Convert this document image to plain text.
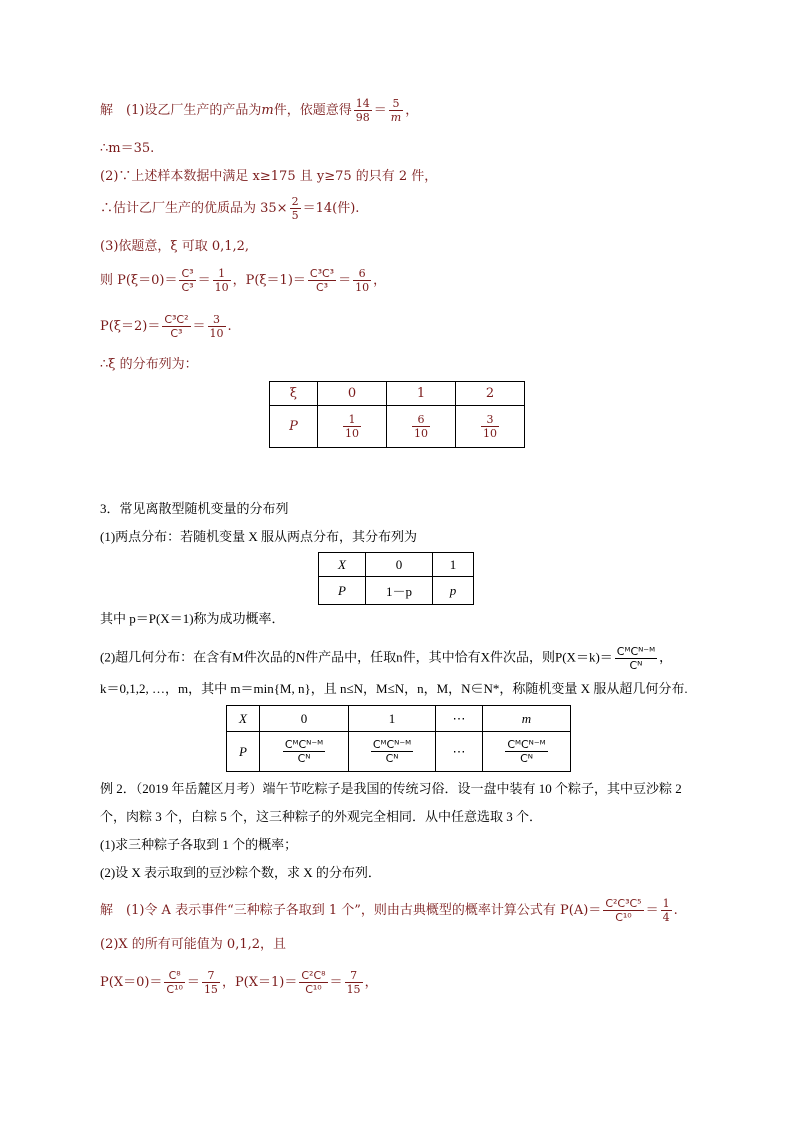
解　(1)设乙厂生产的产品为m件，依题意得 $\frac{14}{98} = \frac{5}{m}$ ，
∴m＝35.
(2)∵上述样本数据中满足 x≥175 且 y≥75 的只有 2 件，
∴估计乙厂生产的优质品为 $35\times \frac{2}{5} =14$(件).
(3)依题意，ξ 可取 0,1,2,
则 $P(\xi=0)= \frac{\text{C³}}{\text{C³}} = \frac{1}{10}$ ，$P(\xi=1)= \frac{\text{C³C³}}{\text{C³}} = \frac{6}{10}$ ，
$P(\xi=2)= \frac{\text{C³C²}}{\text{C³}} = \frac{3}{10}$ .
∴ξ 的分布列为：
ξ	0	1	2
P	$\frac{1}{10}$	$\frac{6}{10}$	$\frac{3}{10}$
3．常见离散型随机变量的分布列
(1)两点分布：若随机变量 X 服从两点分布，其分布列为
X	0	1
P	1－p	p
其中 p＝P(X＝1)称为成功概率．
(2)超几何分布：在含有M件次品的N件产品中，任取n件，其中恰有X件次品，则$P(X=k)= \frac{\text{CᴹCᴺ⁻ᴹ}}{\text{Cᴺ}}$ ，
k＝0,1,2, …，m，其中 m＝min{M, n}，且 n≤N，M≤N，n，M，N∈N*，称随机变量 X 服从超几何分布.
X	0	1	⋯	m
P	$\frac{\text{CᴹCᴺ⁻ᴹ}}{\text{Cᴺ}}$	$\frac{\text{CᴹCᴺ⁻ᴹ}}{\text{Cᴺ}}$	⋯	$\frac{\text{CᴹCᴺ⁻ᴹ}}{\text{Cᴺ}}$
例 2．（2019 年岳麓区月考）端午节吃粽子是我国的传统习俗．设一盘中装有 10 个粽子，其中豆沙粽 2
个，肉粽 3 个，白粽 5 个，这三种粽子的外观完全相同．从中任意选取 3 个．
(1)求三种粽子各取到 1 个的概率；
(2)设 X 表示取到的豆沙粽个数，求 X 的分布列．
解　(1)令 A 表示事件“三种粽子各取到 1 个”，则由古典概型的概率计算公式有 $P(A)= \frac{\text{C²C³C⁵}}{\text{C¹⁰}} = \frac{1}{4}$ .
(2)X 的所有可能值为 0,1,2，且
$P(X=0)= \frac{\text{C⁸}}{\text{C¹⁰}} = \frac{7}{15}$ ，$P(X=1)= \frac{\text{C²C⁸}}{\text{C¹⁰}} = \frac{7}{15}$ ，
